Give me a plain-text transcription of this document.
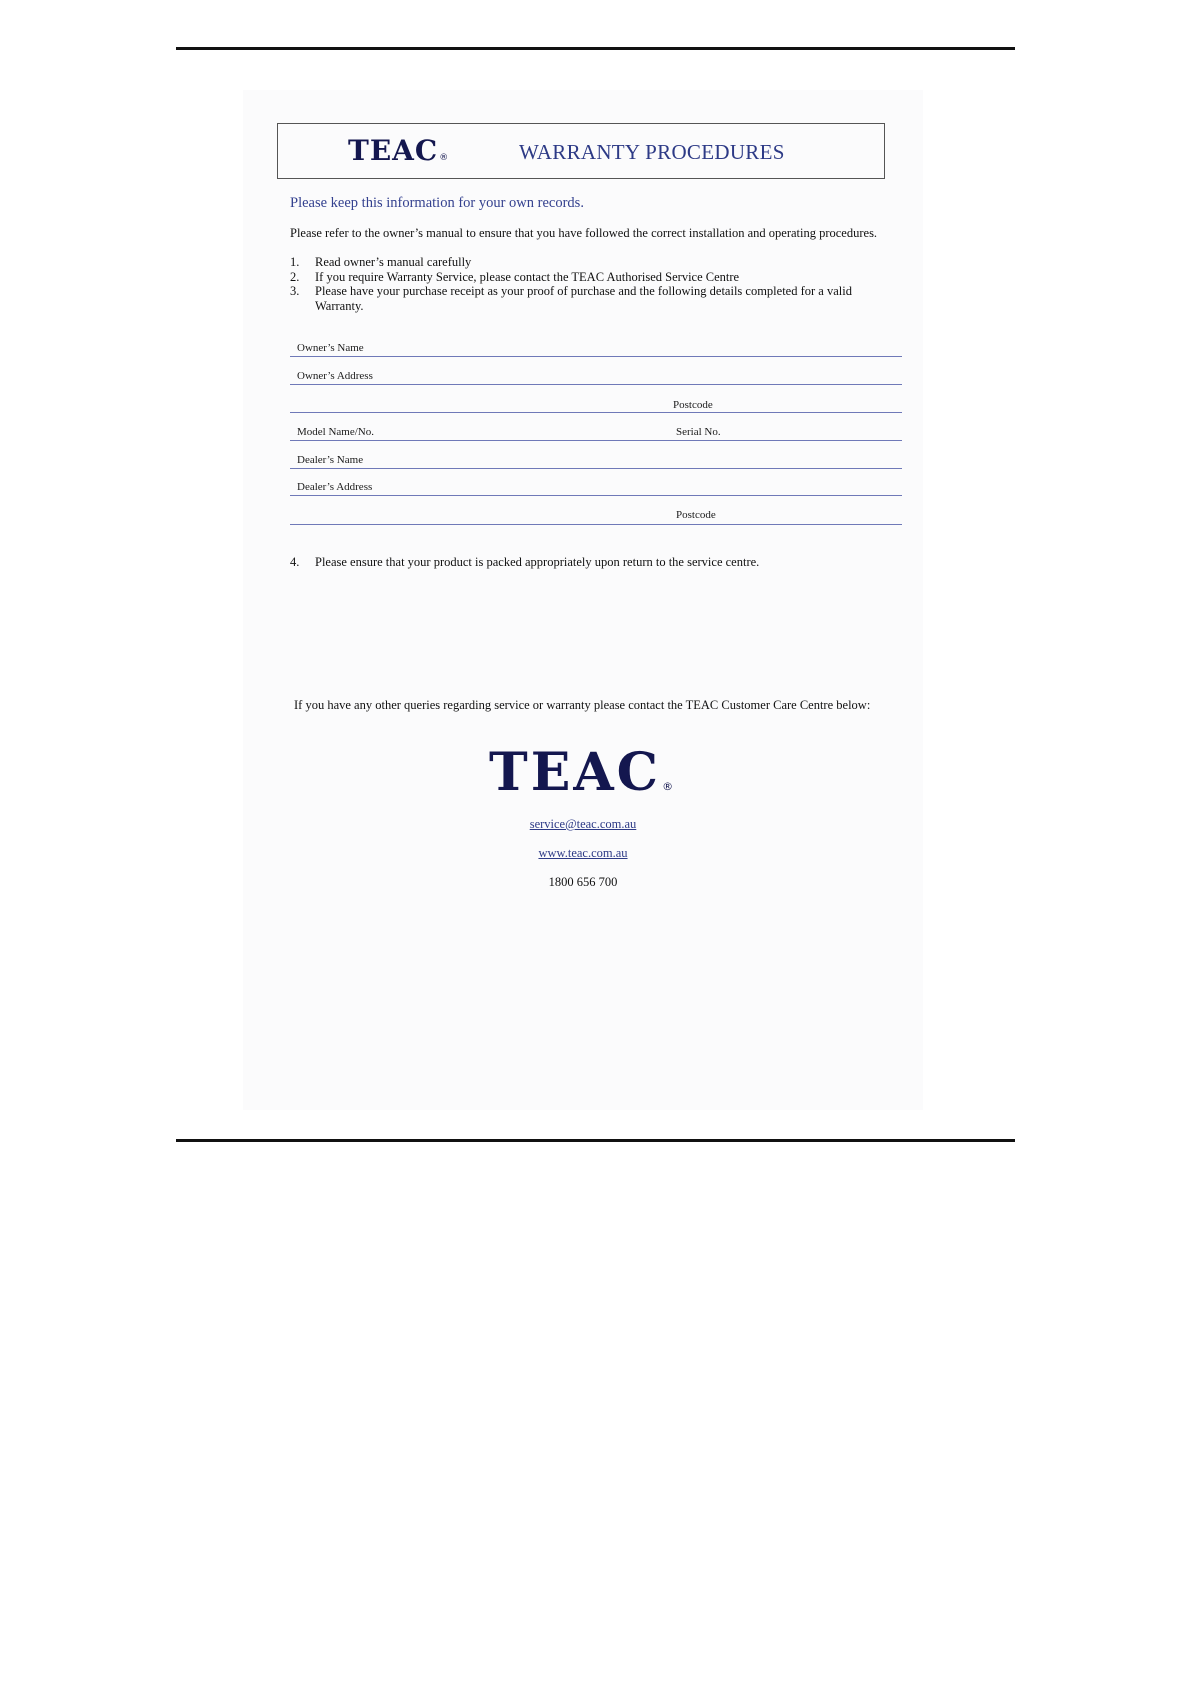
TEAC®	WARRANTY PROCEDURES
Please keep this information for your own records.
Please refer to the owner’s manual to ensure that you have followed the correct installation and operating procedures.
1.	Read owner’s manual carefully
2.	If you require Warranty Service, please contact the TEAC Authorised Service Centre
3.	Please have your purchase receipt as your proof of purchase and the following details completed for a valid Warranty.
Owner’s Name
Owner’s Address
Postcode
Model Name/No.	Serial No.
Dealer’s Name
Dealer’s Address
Postcode
4.	Please ensure that your product is packed appropriately upon return to the service centre.
If you have any other queries regarding service or warranty please contact the TEAC Customer Care Centre below:
TEAC®
service@teac.com.au
www.teac.com.au
1800 656 700
